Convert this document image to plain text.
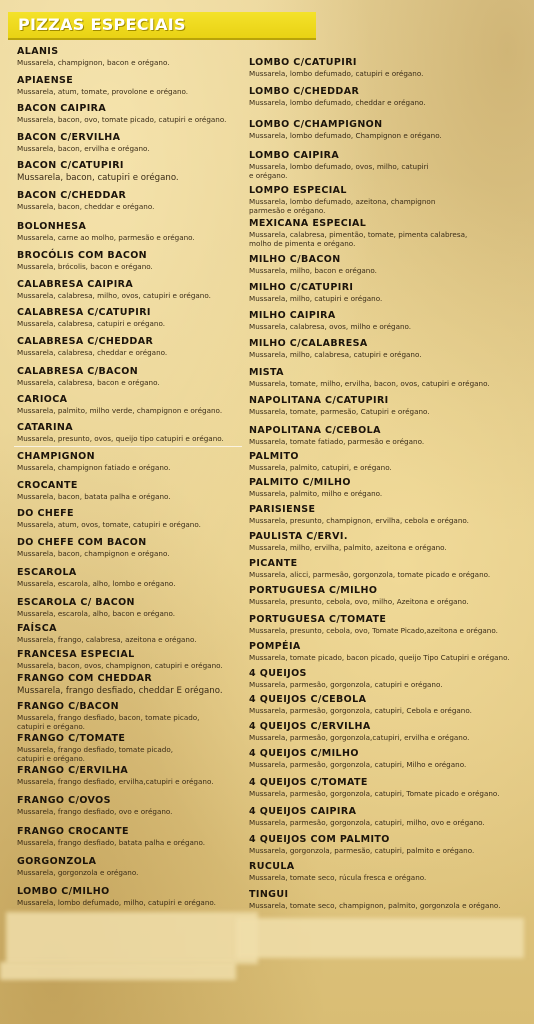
PIZZAS ESPECIAIS
ALANIS
Mussarela, champignon, bacon e orégano.
APIAENSE
Mussarela, atum, tomate, provolone e orégano.
BACON CAIPIRA
Mussarela, bacon, ovo, tomate picado, catupiri e orégano.
BACON C/ERVILHA
Mussarela, bacon, ervilha e orégano.
BACON C/CATUPIRI
Mussarela, bacon, catupiri e orégano.
BACON C/CHEDDAR
Mussarela, bacon, cheddar e orégano.
BOLONHESA
Mussarela, carne ao molho, parmesão e orégano.
BROCÓLIS COM BACON
Mussarela, brócolis, bacon e orégano.
CALABRESA CAIPIRA
Mussarela, calabresa, milho, ovos, catupiri e orégano.
CALABRESA C/CATUPIRI
Mussarela, calabresa, catupiri e orégano.
CALABRESA C/CHEDDAR
Mussarela, calabresa, cheddar e orégano.
CALABRESA C/BACON
Mussarela, calabresa, bacon e orégano.
CARIOCA
Mussarela, palmito, milho verde, champignon e orégano.
CATARINA
Mussarela, presunto, ovos, queijo tipo catupiri e orégano.
CHAMPIGNON
Mussarela, champignon fatiado e orégano.
CROCANTE
Mussarela, bacon, batata palha e orégano.
DO CHEFE
Mussarela, atum, ovos, tomate, catupiri e orégano.
DO CHEFE COM BACON
Mussarela, bacon, champignon e orégano.
ESCAROLA
Mussarela, escarola, alho, lombo e orégano.
ESCAROLA C/ BACON
Mussarela, escarola, alho, bacon e orégano.
FAÍSCA
Mussarela, frango, calabresa, azeitona e orégano.
FRANCESA ESPECIAL
Mussarela, bacon, ovos, champignon, catupiri e orégano.
FRANGO COM CHEDDAR
Mussarela, frango desfiado, cheddar E orégano.
FRANGO C/BACON
Mussarela, frango desfiado, bacon, tomate picado,
catupiri e orégano.
FRANGO C/TOMATE
Mussarela, frango desfiado, tomate picado,
catupiri e orégano.
FRANGO C/ERVILHA
Mussarela, frango desfiado, ervilha,catupiri e orégano.
FRANGO C/OVOS
Mussarela, frango desfiado, ovo e orégano.
FRANGO CROCANTE
Mussarela, frango desfiado, batata palha e orégano.
GORGONZOLA
Mussarela, gorgonzola e orégano.
LOMBO C/MILHO
Mussarela, lombo defumado, milho, catupiri e orégano.
LOMBO C/CATUPIRI
Mussarela, lombo defumado, catupiri e orégano.
LOMBO C/CHEDDAR
Mussarela, lombo defumado, cheddar e orégano.
LOMBO C/CHAMPIGNON
Mussarela, lombo defumado, Champignon e orégano.
LOMBO CAIPIRA
Mussarela, lombo defumado, ovos, milho, catupiri
e orégano.
LOMPO ESPECIAL
Mussarela, lombo defumado, azeitona, champignon
parmesão e orégano.
MEXICANA ESPECIAL
Mussarela, calabresa, pimentão, tomate, pimenta calabresa,
molho de pimenta e orégano.
MILHO C/BACON
Mussarela, milho, bacon e orégano.
MILHO C/CATUPIRI
Mussarela, milho, catupiri e orégano.
MILHO CAIPIRA
Mussarela, calabresa, ovos, milho e orégano.
MILHO C/CALABRESA
Mussarela, milho, calabresa, catupiri e orégano.
MISTA
Mussarela, tomate, milho, ervilha, bacon, ovos, catupiri e orégano.
NAPOLITANA C/CATUPIRI
Mussarela, tomate, parmesão, Catupiri e orégano.
NAPOLITANA C/CEBOLA
Mussarela, tomate fatiado, parmesão e orégano.
PALMITO
Mussarela, palmito, catupiri, e orégano.
PALMITO C/MILHO
Mussarela, palmito, milho e orégano.
PARISIENSE
Mussarela, presunto, champignon, ervilha, cebola e orégano.
PAULISTA C/ERVI.
Mussarela, milho, ervilha, palmito, azeitona e orégano.
PICANTE
Mussarela, alicci, parmesão, gorgonzola, tomate picado e orégano.
PORTUGUESA C/MILHO
Mussarela, presunto, cebola, ovo, milho, Azeitona e orégano.
PORTUGUESA C/TOMATE
Mussarela, presunto, cebola, ovo, Tomate Picado,azeitona e orégano.
POMPÉIA
Mussarela, tomate picado, bacon picado, queijo Tipo Catupiri e orégano.
4 QUEIJOS
Mussarela, parmesão, gorgonzola, catupiri e orégano.
4 QUEIJOS C/CEBOLA
Mussarela, parmesão, gorgonzola, catupiri, Cebola e orégano.
4 QUEIJOS C/ERVILHA
Mussarela, parmesão, gorgonzola,catupiri, ervilha e orégano.
4 QUEIJOS C/MILHO
Mussarela, parmesão, gorgonzola, catupiri, Milho e orégano.
4 QUEIJOS C/TOMATE
Mussarela, parmesão, gorgonzola, catupiri, Tomate picado e orégano.
4 QUEIJOS CAIPIRA
Mussarela, parmesão, gorgonzola, catupiri, milho, ovo e orégano.
4 QUEIJOS COM PALMITO
Mussarela, gorgonzola, parmesão, catupiri, palmito e orégano.
RUCULA
Mussarela, tomate seco, rúcula fresca e orégano.
TINGUI
Mussarela, tomate seco, champignon, palmito, gorgonzola e orégano.
